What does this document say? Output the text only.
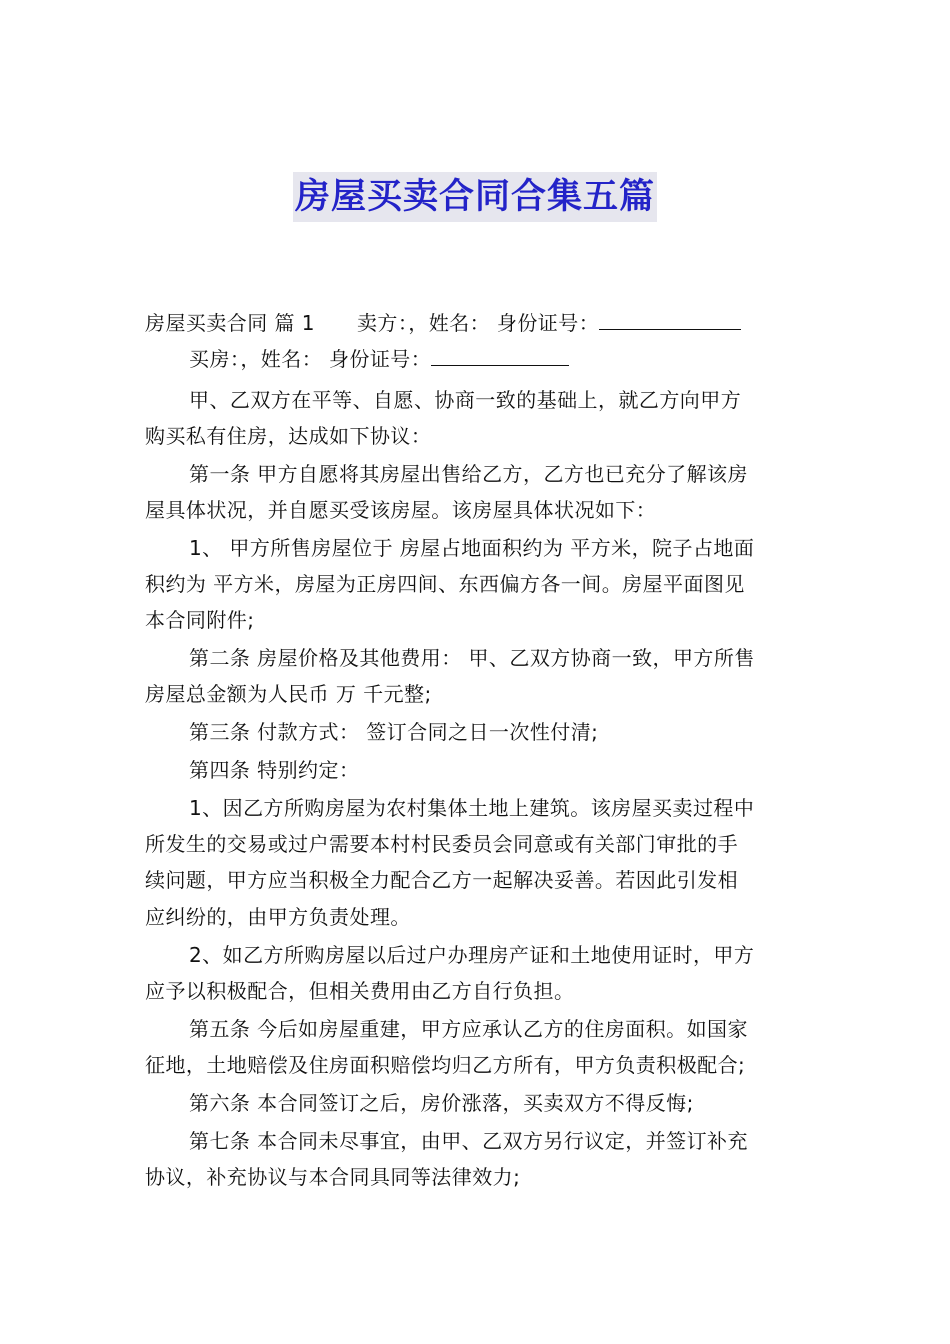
房屋买卖合同合集五篇
房屋买卖合同 篇 1 卖方：，姓名： 身份证号：
买房：，姓名： 身份证号：
甲、乙双方在平等、自愿、协商一致的基础上，就乙方向甲方
购买私有住房，达成如下协议：
第一条 甲方自愿将其房屋出售给乙方，乙方也已充分了解该房
屋具体状况，并自愿买受该房屋。该房屋具体状况如下：
1、 甲方所售房屋位于 房屋占地面积约为 平方米，院子占地面
积约为 平方米，房屋为正房四间、东西偏方各一间。房屋平面图见
本合同附件;
第二条 房屋价格及其他费用： 甲、乙双方协商一致，甲方所售
房屋总金额为人民币 万 千元整;
第三条 付款方式： 签订合同之日一次性付清;
第四条 特别约定：
1、因乙方所购房屋为农村集体土地上建筑。该房屋买卖过程中
所发生的交易或过户需要本村村民委员会同意或有关部门审批的手
续问题，甲方应当积极全力配合乙方一起解决妥善。若因此引发相
应纠纷的，由甲方负责处理。
2、如乙方所购房屋以后过户办理房产证和土地使用证时，甲方
应予以积极配合，但相关费用由乙方自行负担。
第五条 今后如房屋重建，甲方应承认乙方的住房面积。如国家
征地，土地赔偿及住房面积赔偿均归乙方所有，甲方负责积极配合;
第六条 本合同签订之后，房价涨落，买卖双方不得反悔;
第七条 本合同未尽事宜，由甲、乙双方另行议定，并签订补充
协议，补充协议与本合同具同等法律效力;
